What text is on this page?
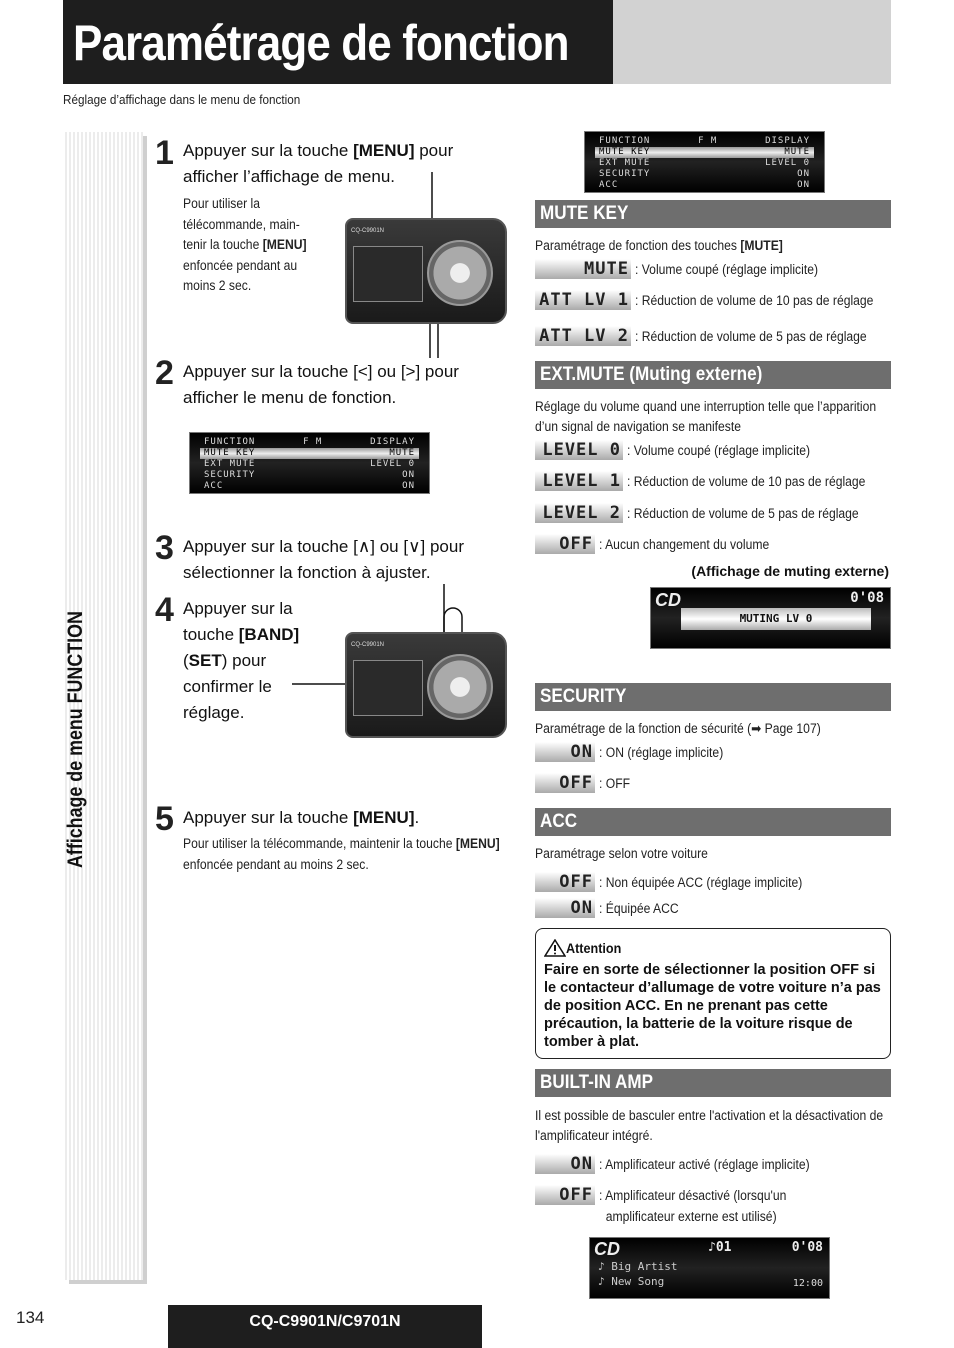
Paramétrage de fonction
Réglage d’affichage dans le menu de fonction
Affichage de menu FUNCTION
1 Appuyer sur la touche [MENU] pour afficher l’affichage de menu.
Pour utiliser la télécommande, main-tenir la touche [MENU] enfoncée pendant au moins 2 sec.
CQ-C9901N
2 Appuyer sur la touche [<] ou [>] pour afficher le menu de fonction.
FUNCTION	F M	DISPLAY
MUTE KEY	MUTE
EXT MUTE	LEVEL 0
SECURITY	ON
ACC	ON
3 Appuyer sur la touche [∧] ou [∨] pour sélectionner la fonction à ajuster.
4 Appuyer sur la touche [BAND] (SET) pour confirmer le réglage.
CQ-C9901N
5 Appuyer sur la touche [MENU].
Pour utiliser la télécommande, maintenir la touche [MENU] enfoncée pendant au moins 2 sec.
FUNCTION	F M	DISPLAY
MUTE KEY	MUTE
EXT MUTE	LEVEL 0
SECURITY	ON
ACC	ON
MUTE KEY
Paramétrage de fonction des touches [MUTE]
MUTE : Volume coupé (réglage implicite)
ATT LV 1 : Réduction de volume de 10 pas de réglage
ATT LV 2 : Réduction de volume de 5 pas de réglage
EXT.MUTE (Muting externe)
Réglage du volume quand une interruption telle que l’apparition d’un signal de navigation se manifeste
LEVEL 0 : Volume coupé (réglage implicite)
LEVEL 1 : Réduction de volume de 10 pas de réglage
LEVEL 2 : Réduction de volume de 5 pas de réglage
OFF : Aucun changement du volume
(Affichage de muting externe)
CD	0'08
MUTING LV 0
SECURITY
Paramétrage de la fonction de sécurité (➡ Page 107)
ON : ON (réglage implicite)
OFF : OFF
ACC
Paramétrage selon votre voiture
OFF : Non équipée ACC (réglage implicite)
ON : Équipée ACC
Attention
Faire en sorte de sélectionner la position OFF si le contacteur d’allumage de votre voiture n’a pas de position ACC. En ne prenant pas cette précaution, la batterie de la voiture risque de tomber à plat.
BUILT-IN AMP
Il est possible de basculer entre l'activation et la désactivation de l'amplificateur intégré.
ON : Amplificateur activé (réglage implicite)
OFF : Amplificateur désactivé (lorsqu'un
amplificateur externe est utilisé)
CD	♪01	0'08
♪ Big Artist
♪ New Song	12:00
134	CQ-C9901N/C9701N
